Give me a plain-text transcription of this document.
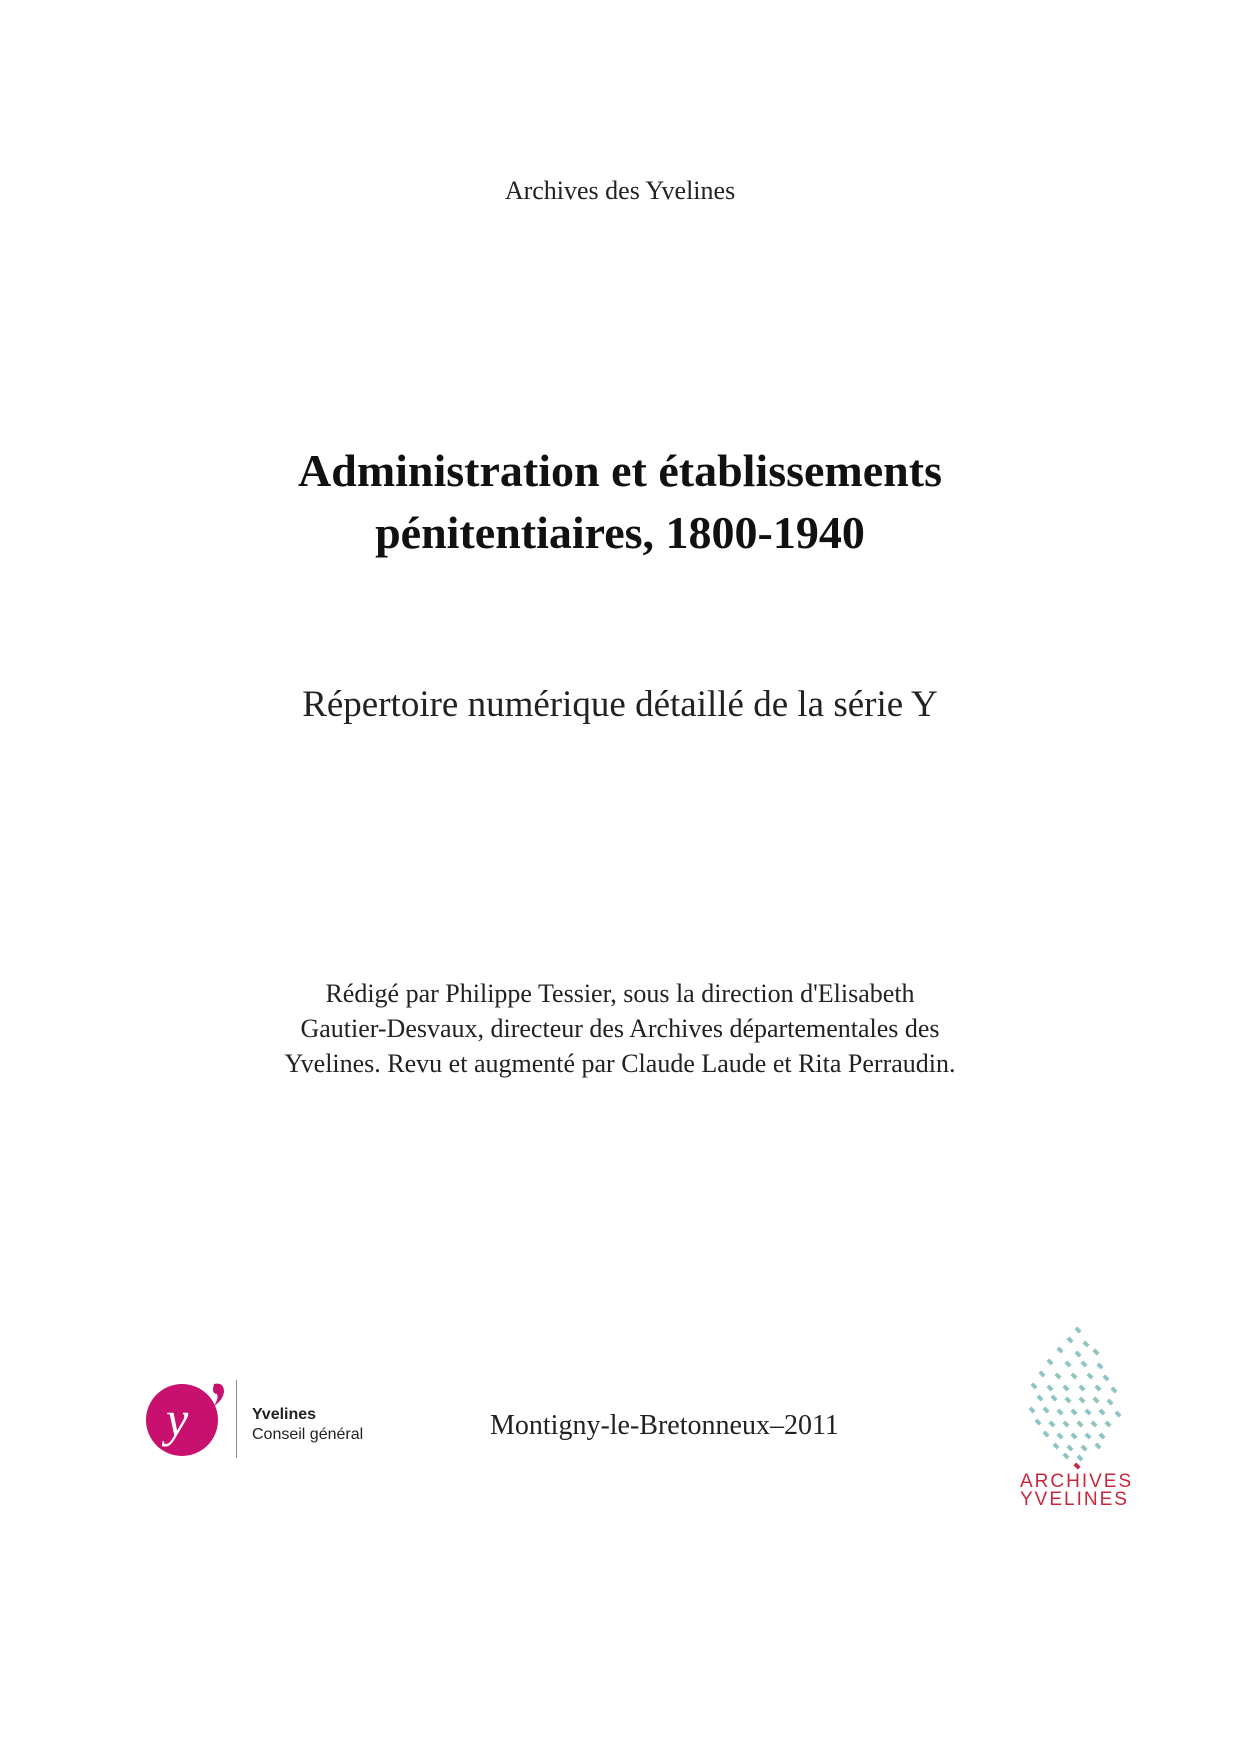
Archives des Yvelines
Administration et établissements
pénitentiaires, 1800-1940
Répertoire numérique détaillé de la série Y
Rédigé par Philippe Tessier, sous la direction d'Elisabeth
Gautier-Desvaux, directeur des Archives départementales des
Yvelines. Revu et augmenté par Claude Laude et Rita Perraudin.
y	Yvelines
Conseil général	Montigny-le-Bretonneux–2011
ARCHIVES
YVELINES
